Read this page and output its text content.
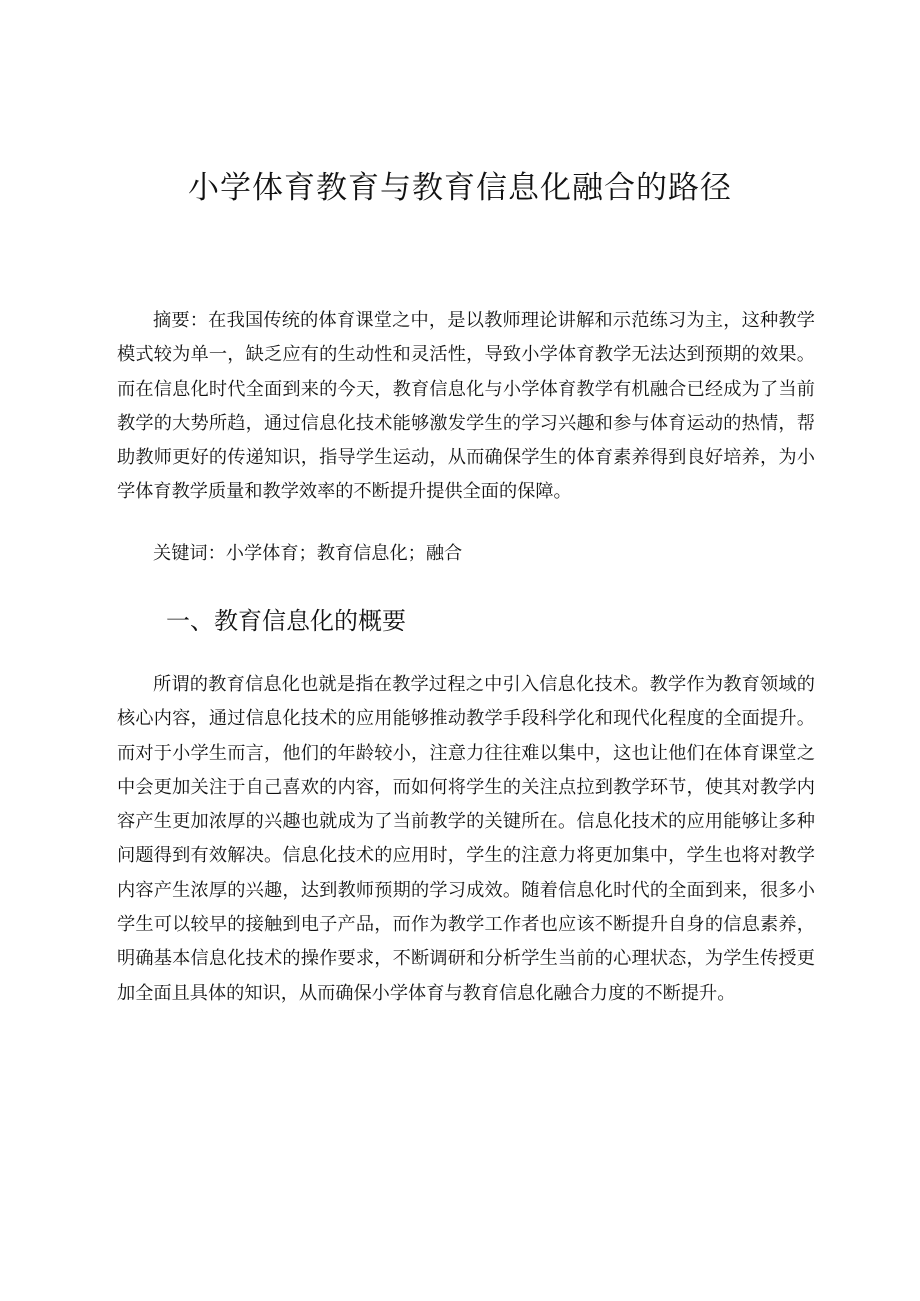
小学体育教育与教育信息化融合的路径

摘要：在我国传统的体育课堂之中，是以教师理论讲解和示范练习为主，这种教学模式较为单一，缺乏应有的生动性和灵活性，导致小学体育教学无法达到预期的效果。而在信息化时代全面到来的今天，教育信息化与小学体育教学有机融合已经成为了当前教学的大势所趋，通过信息化技术能够激发学生的学习兴趣和参与体育运动的热情，帮助教师更好的传递知识，指导学生运动，从而确保学生的体育素养得到良好培养，为小学体育教学质量和教学效率的不断提升提供全面的保障。

关键词：小学体育；教育信息化；融合

一、教育信息化的概要

所谓的教育信息化也就是指在教学过程之中引入信息化技术。教学作为教育领域的核心内容，通过信息化技术的应用能够推动教学手段科学化和现代化程度的全面提升。而对于小学生而言，他们的年龄较小，注意力往往难以集中，这也让他们在体育课堂之中会更加关注于自己喜欢的内容，而如何将学生的关注点拉到教学环节，使其对教学内容产生更加浓厚的兴趣也就成为了当前教学的关键所在。信息化技术的应用能够让多种问题得到有效解决。信息化技术的应用时，学生的注意力将更加集中，学生也将对教学内容产生浓厚的兴趣，达到教师预期的学习成效。随着信息化时代的全面到来，很多小学生可以较早的接触到电子产品，而作为教学工作者也应该不断提升自身的信息素养，明确基本信息化技术的操作要求，不断调研和分析学生当前的心理状态，为学生传授更加全面且具体的知识，从而确保小学体育与教育信息化融合力度的不断提升。
